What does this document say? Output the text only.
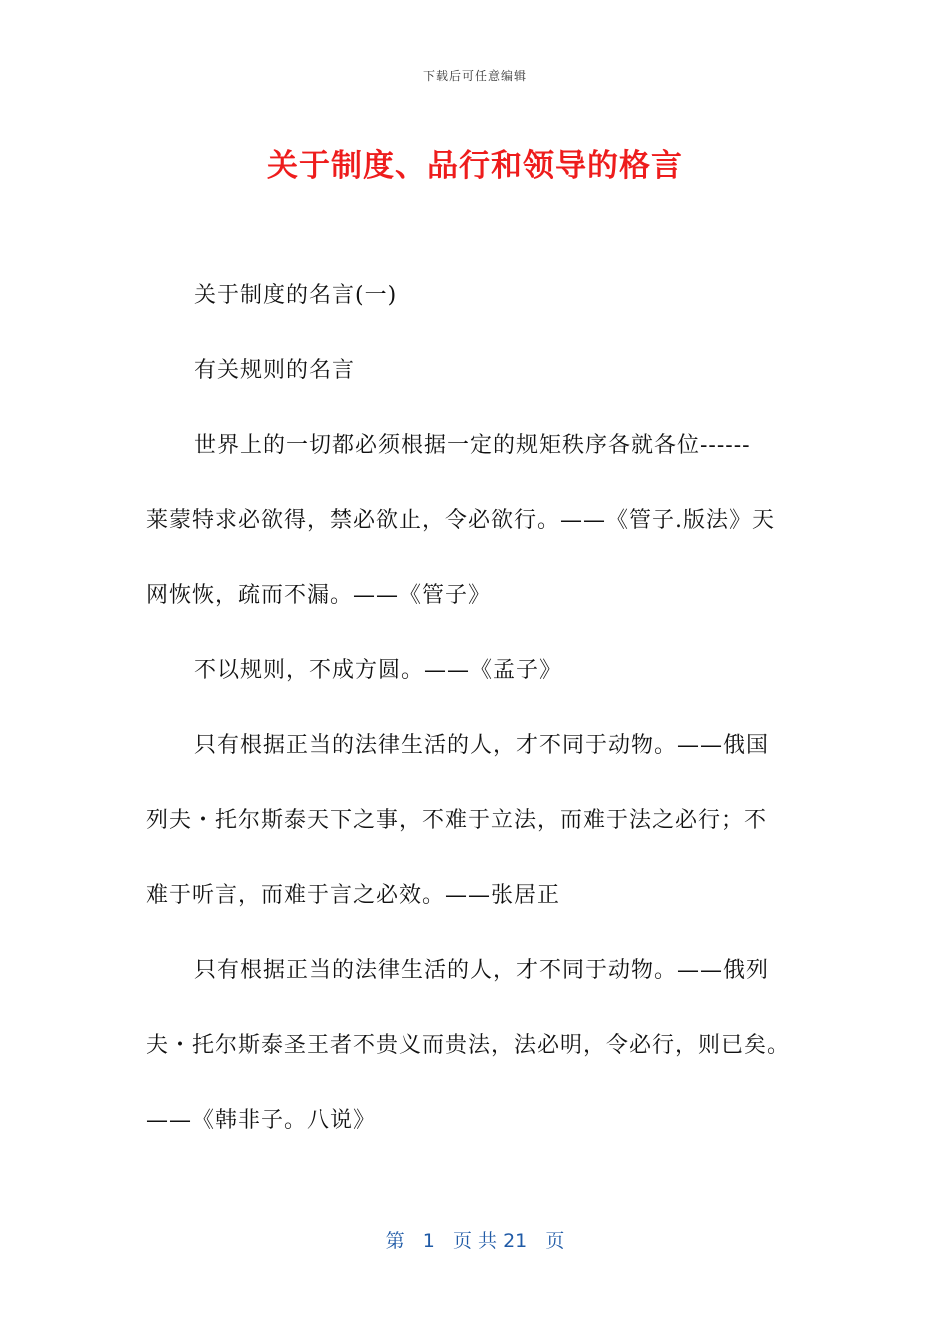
下载后可任意编辑
关于制度、品行和领导的格言
关于制度的名言(一)
有关规则的名言
世界上的一切都必须根据一定的规矩秩序各就各位------
莱蒙特求必欲得，禁必欲止，令必欲行。——《管子.版法》天
网恢恢，疏而不漏。——《管子》
不以规则，不成方圆。——《孟子》
只有根据正当的法律生活的人，才不同于动物。——俄国
列夫・托尔斯泰天下之事，不难于立法，而难于法之必行；不
难于听言，而难于言之必效。——张居正
只有根据正当的法律生活的人，才不同于动物。——俄列
夫・托尔斯泰圣王者不贵义而贵法，法必明，令必行，则已矣。
——《韩非子。八说》
第 1 页 共 21 页
